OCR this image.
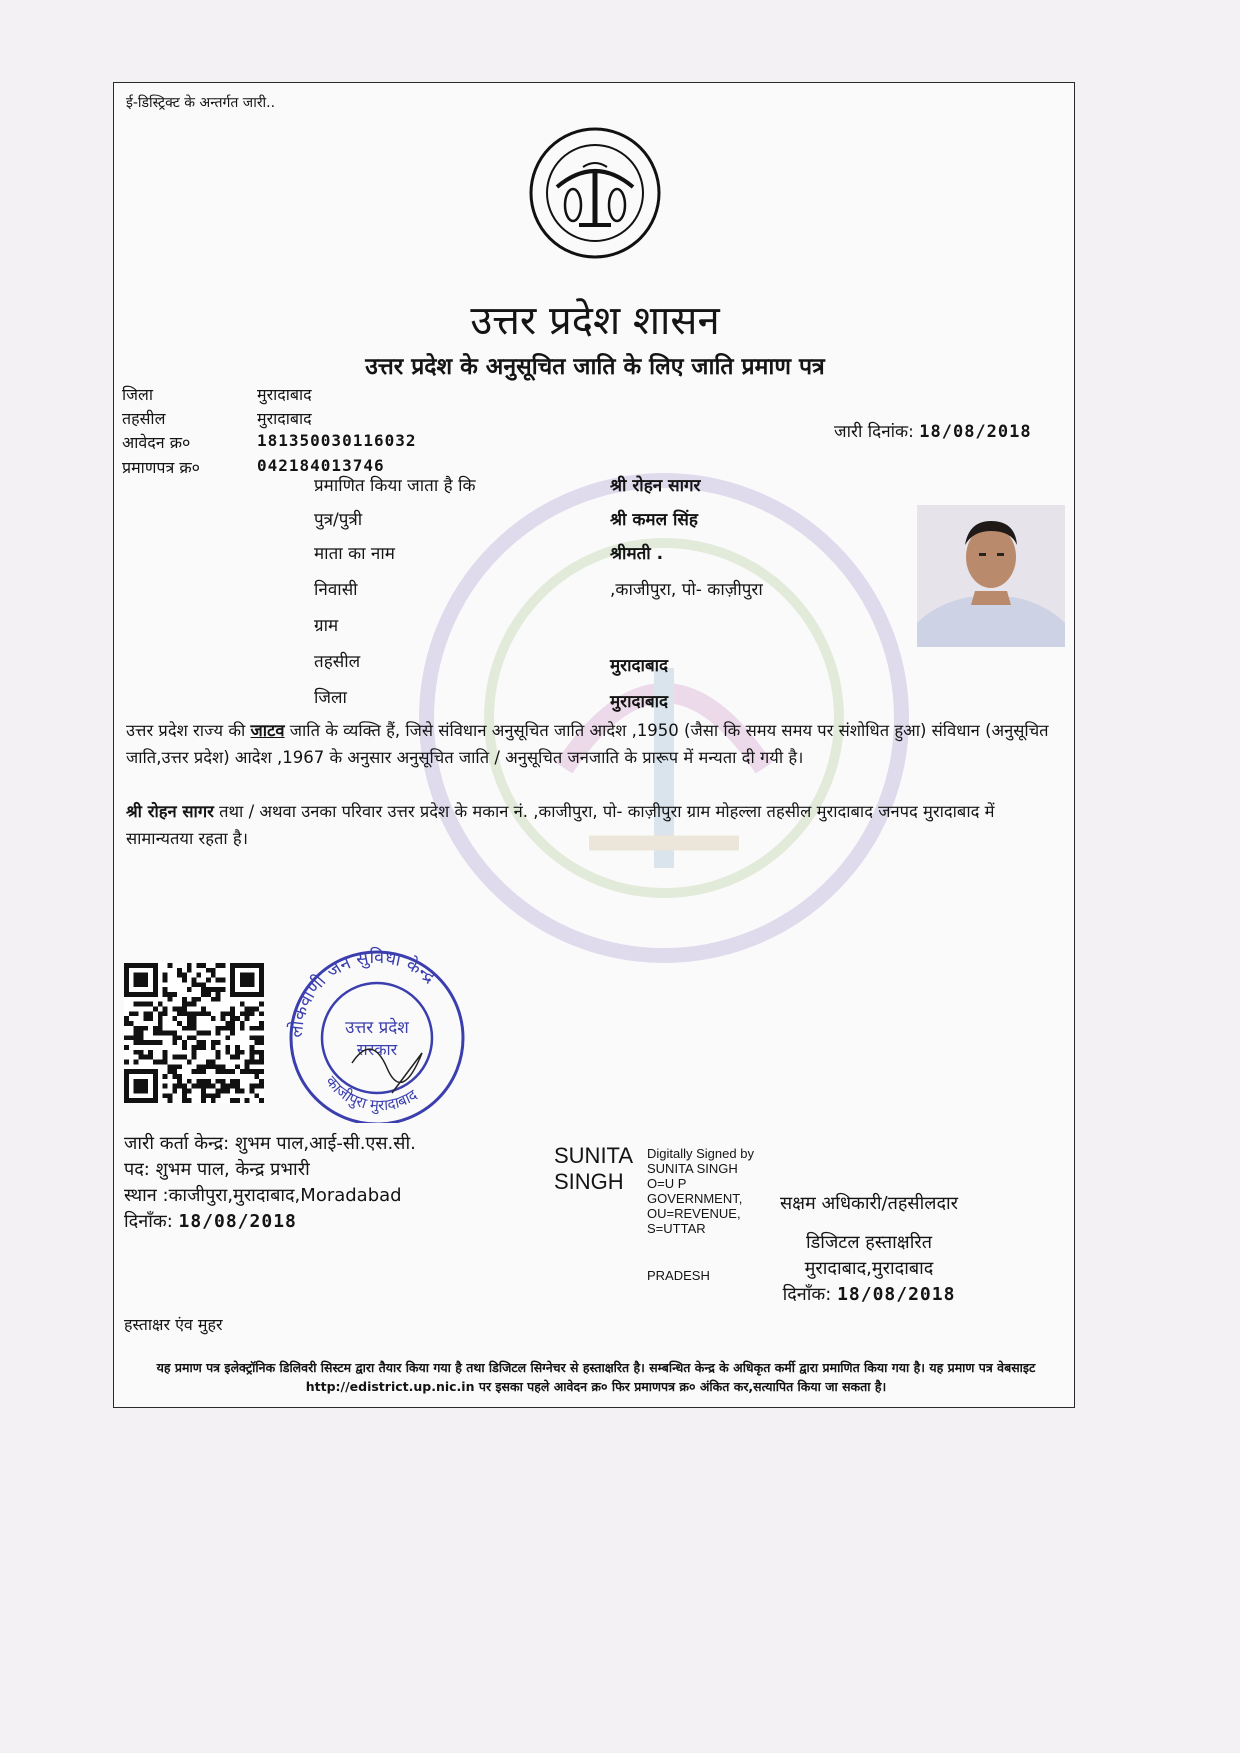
ई-डिस्ट्रिक्ट के अन्तर्गत जारी..
उत्तर प्रदेश शासन
उत्तर प्रदेश के अनुसूचित जाति के लिए जाति प्रमाण पत्र
जिला	मुरादाबाद
तहसील	मुरादाबाद
आवेदन क्र०	181350030116032
प्रमाणपत्र क्र०	042184013746
जारी दिनांक: 18/08/2018
प्रमाणित किया जाता है कि	श्री रोहन सागर
पुत्र/पुत्री	श्री कमल सिंह
माता का नाम	श्रीमती .
निवासी	,काजीपुरा, पो- काज़ीपुरा
ग्राम
तहसील	मुरादाबाद
जिला	मुरादाबाद
उत्तर प्रदेश राज्य की जाटव जाति के व्यक्ति हैं, जिसे संविधान अनुसूचित जाति आदेश ,1950 (जैसा कि समय समय पर संशोधित हुआ) संविधान (अनुसूचित जाति,उत्तर प्रदेश) आदेश ,1967 के अनुसार अनुसूचित जाति / अनुसूचित जनजाति के प्रारूप में मन्यता दी गयी है।
श्री रोहन सागर तथा / अथवा उनका परिवार उत्तर प्रदेश के मकान नं. ,काजीपुरा, पो- काज़ीपुरा ग्राम मोहल्ला तहसील मुरादाबाद जनपद मुरादाबाद में सामान्यतया रहता है।
लोकवाणी जन सुविधा केन्द्र
उत्तर प्रदेश
सरकार
काजीपुरा मुरादाबाद
जारी कर्ता केन्द्र: शुभम पाल,आई-सी.एस.सी.
पद: शुभम पाल, केन्द्र प्रभारी
स्थान :काजीपुरा,मुरादाबाद,Moradabad
दिनाँक: 18/08/2018
SUNITA
SINGH
Digitally Signed by SUNITA SINGH O=U P GOVERNMENT, OU=REVENUE, S=UTTAR
PRADESH
सक्षम अधिकारी/तहसीलदार
डिजिटल हस्ताक्षरित
मुरादाबाद,मुरादाबाद
दिनाँक: 18/08/2018
हस्ताक्षर एंव मुहर
यह प्रमाण पत्र इलेक्ट्रॉनिक डिलिवरी सिस्टम द्वारा तैयार किया गया है तथा डिजिटल सिग्नेचर से हस्ताक्षरित है। सम्बन्धित केन्द्र के अधिकृत कर्मी द्वारा प्रमाणित किया गया है। यह प्रमाण पत्र वेबसाइट http://edistrict.up.nic.in पर इसका पहले आवेदन क्र० फिर प्रमाणपत्र क्र० अंकित कर,सत्यापित किया जा सकता है।
